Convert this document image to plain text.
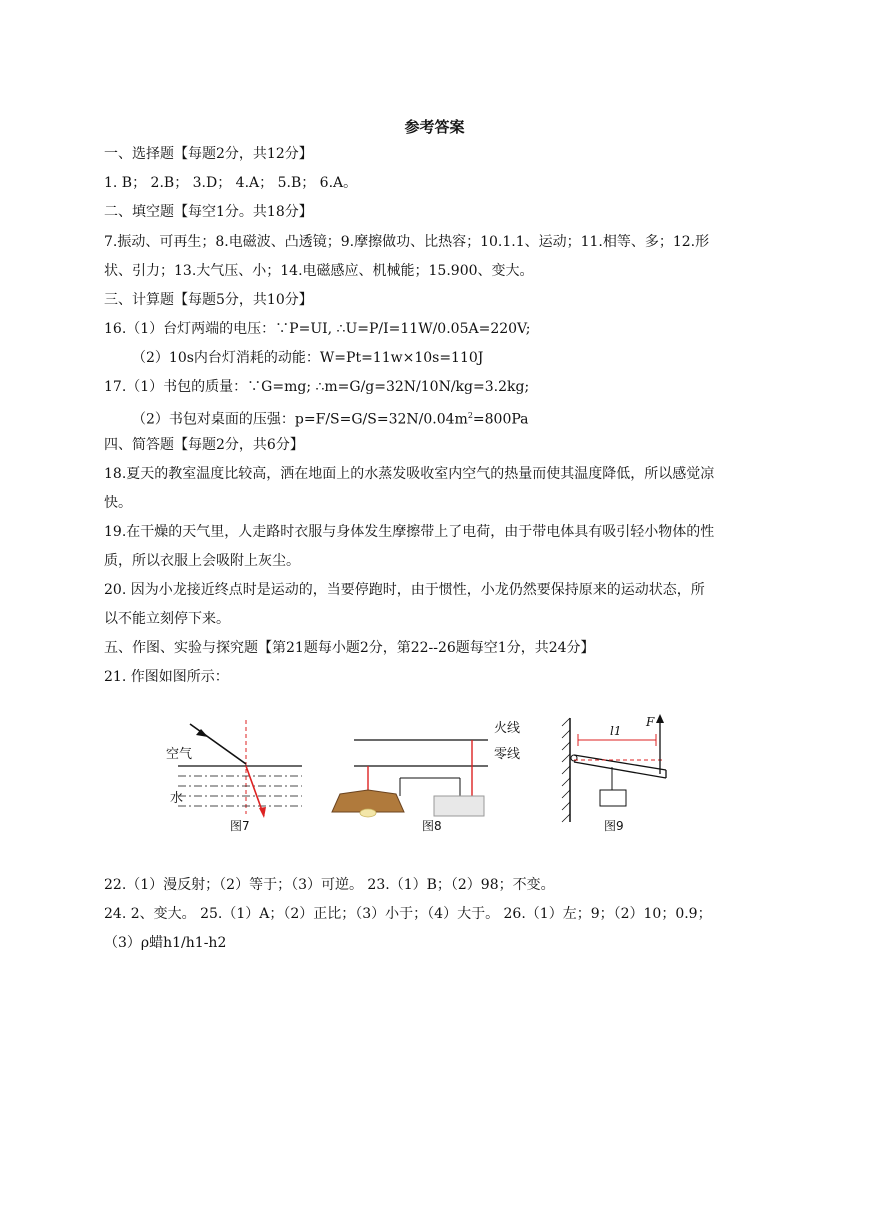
参考答案
一、选择题【每题2分，共12分】
1. B； 2.B； 3.D； 4.A； 5.B； 6.A。
二、填空题【每空1分。共18分】
7.振动、可再生；8.电磁波、凸透镜；9.摩擦做功、比热容；10.1.1、运动；11.相等、多；12.形
状、引力；13.大气压、小；14.电磁感应、机械能；15.900、变大。
三、计算题【每题5分，共10分】
16.（1）台灯两端的电压：∵P=UI, ∴U=P/I=11W/0.05A=220V;
（2）10s内台灯消耗的动能：W=Pt=11w×10s=110J
17.（1）书包的质量：∵G=mg; ∴m=G/g=32N/10N/kg=3.2kg;
（2）书包对桌面的压强：$p=F/S=G/S=32N/0.04m^2=800Pa$
四、简答题【每题2分，共6分】
18.夏天的教室温度比较高，洒在地面上的水蒸发吸收室内空气的热量而使其温度降低，所以感觉凉
快。
19.在干燥的天气里，人走路时衣服与身体发生摩擦带上了电荷，由于带电体具有吸引轻小物体的性
质，所以衣服上会吸附上灰尘。
20. 因为小龙接近终点时是运动的，当要停跑时，由于惯性，小龙仍然要保持原来的运动状态，所
以不能立刻停下来。
五、作图、实验与探究题【第21题每小题2分，第22--26题每空1分，共24分】
21. 作图如图所示：
空气
水
图7
火线
零线
图8
l1
F
图9
22.（1）漫反射；（2）等于；（3）可逆。 23.（1）B；（2）98；不变。
24. 2、变大。 25.（1）A；（2）正比；（3）小于；（4）大于。 26.（1）左；9；（2）10；0.9；
（3）ρ蜡h1/h1-h2
